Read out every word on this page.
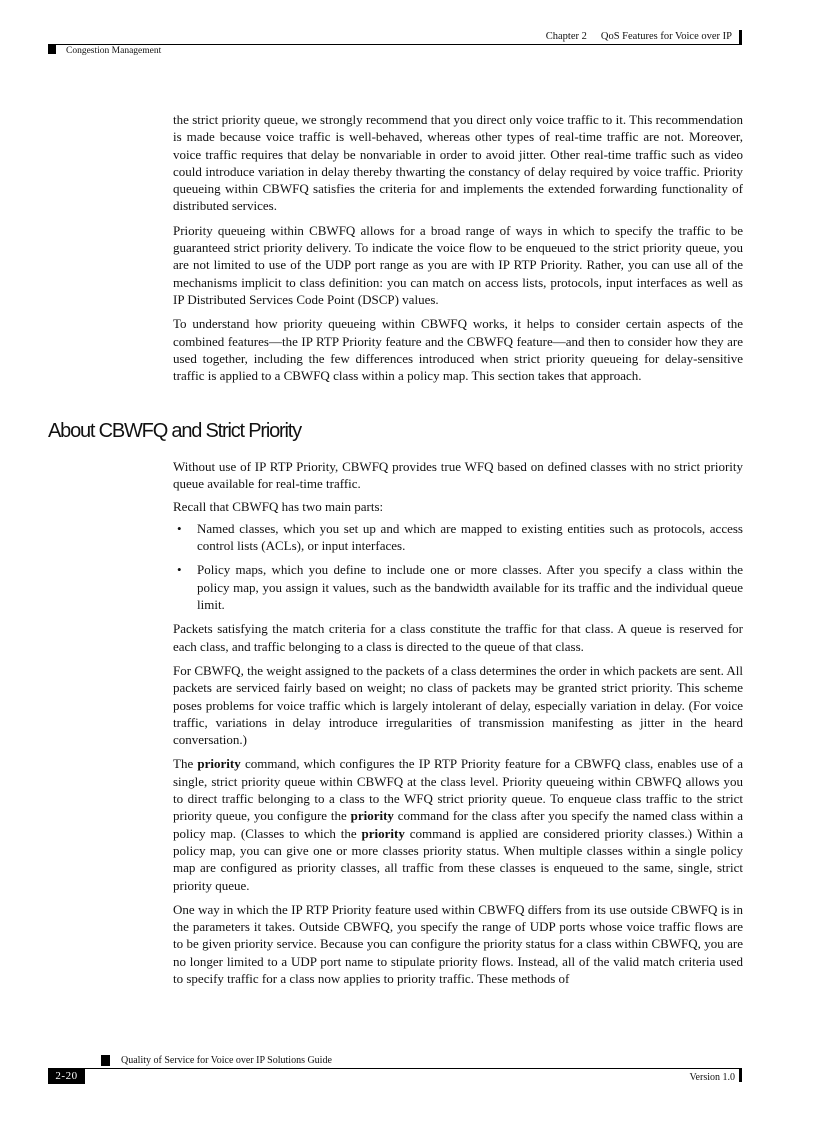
Chapter 2 QoS Features for Voice over IP
Congestion Management

the strict priority queue, we strongly recommend that you direct only voice traffic to it. This recommendation is made because voice traffic is well-behaved, whereas other types of real-time traffic are not. Moreover, voice traffic requires that delay be nonvariable in order to avoid jitter. Other real-time traffic such as video could introduce variation in delay thereby thwarting the constancy of delay required by voice traffic. Priority queueing within CBWFQ satisfies the criteria for and implements the extended forwarding functionality of distributed services.

Priority queueing within CBWFQ allows for a broad range of ways in which to specify the traffic to be guaranteed strict priority delivery. To indicate the voice flow to be enqueued to the strict priority queue, you are not limited to use of the UDP port range as you are with IP RTP Priority. Rather, you can use all of the mechanisms implicit to class definition: you can match on access lists, protocols, input interfaces as well as IP Distributed Services Code Point (DSCP) values.

To understand how priority queueing within CBWFQ works, it helps to consider certain aspects of the combined features—the IP RTP Priority feature and the CBWFQ feature—and then to consider how they are used together, including the few differences introduced when strict priority queueing for delay-sensitive traffic is applied to a CBWFQ class within a policy map. This section takes that approach.

About CBWFQ and Strict Priority

Without use of IP RTP Priority, CBWFQ provides true WFQ based on defined classes with no strict priority queue available for real-time traffic.

Recall that CBWFQ has two main parts:

• Named classes, which you set up and which are mapped to existing entities such as protocols, access control lists (ACLs), or input interfaces.
• Policy maps, which you define to include one or more classes. After you specify a class within the policy map, you assign it values, such as the bandwidth available for its traffic and the individual queue limit.

Packets satisfying the match criteria for a class constitute the traffic for that class. A queue is reserved for each class, and traffic belonging to a class is directed to the queue of that class.

For CBWFQ, the weight assigned to the packets of a class determines the order in which packets are sent. All packets are serviced fairly based on weight; no class of packets may be granted strict priority. This scheme poses problems for voice traffic which is largely intolerant of delay, especially variation in delay. (For voice traffic, variations in delay introduce irregularities of transmission manifesting as jitter in the heard conversation.)

The priority command, which configures the IP RTP Priority feature for a CBWFQ class, enables use of a single, strict priority queue within CBWFQ at the class level. Priority queueing within CBWFQ allows you to direct traffic belonging to a class to the WFQ strict priority queue. To enqueue class traffic to the strict priority queue, you configure the priority command for the class after you specify the named class within a policy map. (Classes to which the priority command is applied are considered priority classes.) Within a policy map, you can give one or more classes priority status. When multiple classes within a single policy map are configured as priority classes, all traffic from these classes is enqueued to the same, single, strict priority queue.

One way in which the IP RTP Priority feature used within CBWFQ differs from its use outside CBWFQ is in the parameters it takes. Outside CBWFQ, you specify the range of UDP ports whose voice traffic flows are to be given priority service. Because you can configure the priority status for a class within CBWFQ, you are no longer limited to a UDP port name to stipulate priority flows. Instead, all of the valid match criteria used to specify traffic for a class now applies to priority traffic. These methods of

Quality of Service for Voice over IP Solutions Guide
2-20	Version 1.0
